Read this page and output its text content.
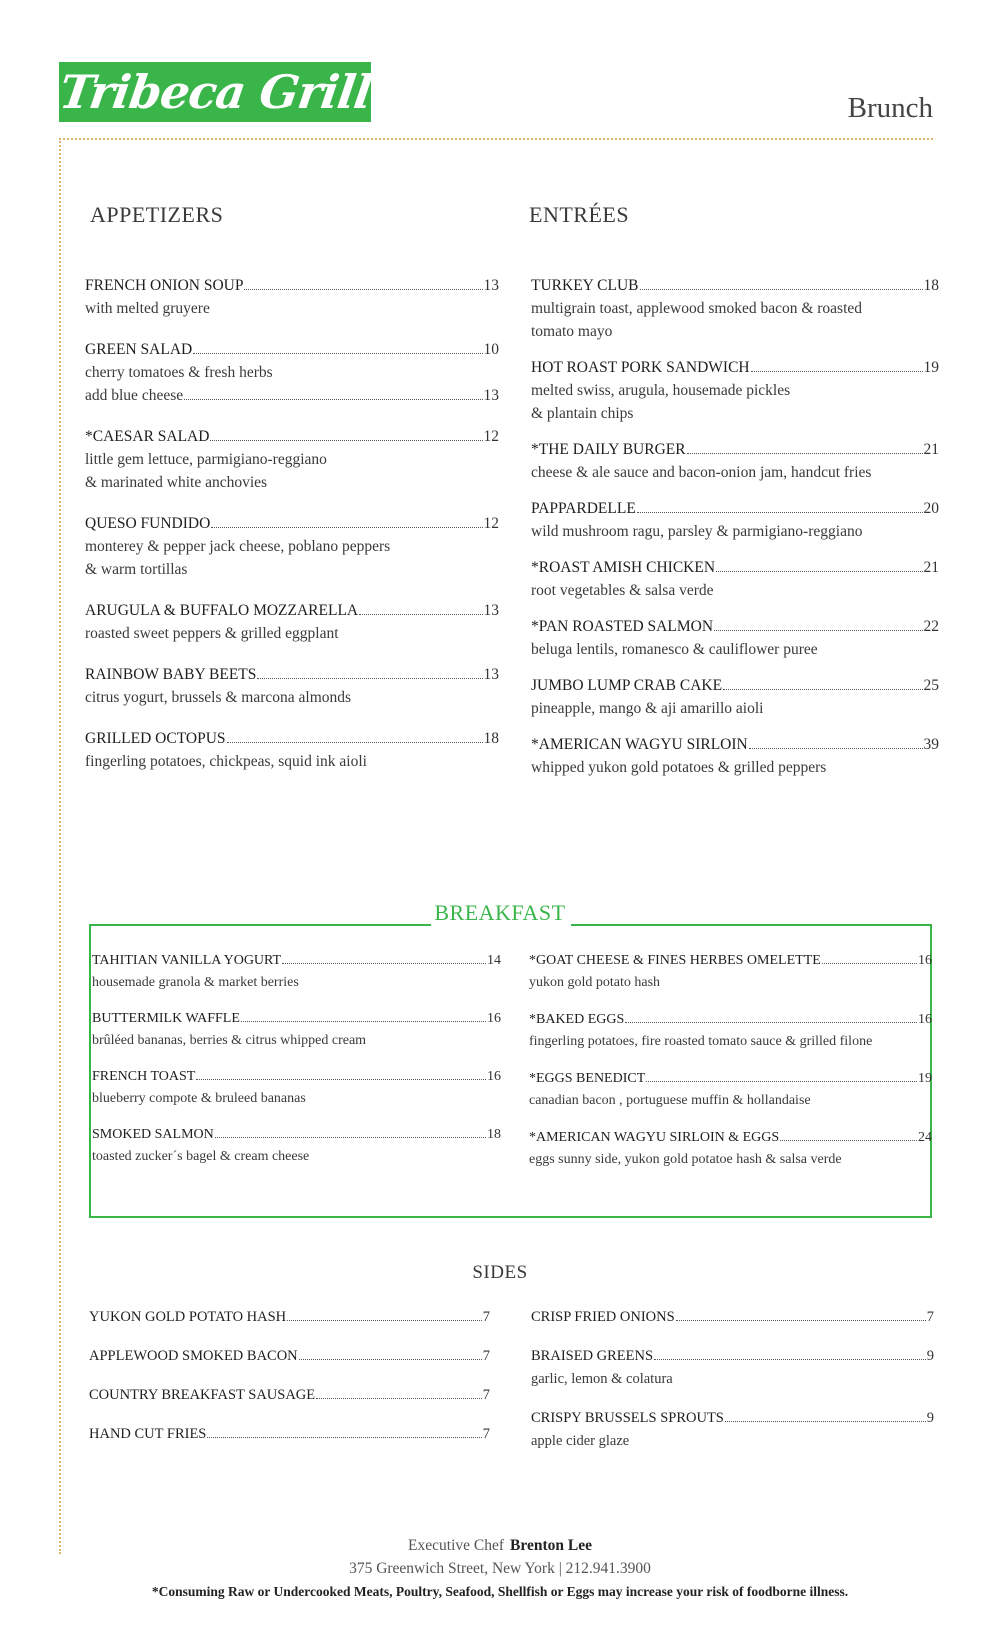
Tribeca Grill	Brunch
APPETIZERS
FRENCH ONION SOUP	13
with melted gruyere
GREEN SALAD	10
cherry tomatoes & fresh herbs
add blue cheese	13
*CAESAR SALAD	12
little gem lettuce, parmigiano-reggiano
& marinated white anchovies
QUESO FUNDIDO	12
monterey & pepper jack cheese, poblano peppers
& warm tortillas
ARUGULA & BUFFALO MOZZARELLA	13
roasted sweet peppers & grilled eggplant
RAINBOW BABY BEETS	13
citrus yogurt, brussels & marcona almonds
GRILLED OCTOPUS	18
fingerling potatoes, chickpeas, squid ink aioli
ENTRÉES
TURKEY CLUB	18
multigrain toast, applewood smoked bacon & roasted
tomato mayo
HOT ROAST PORK SANDWICH	19
melted swiss, arugula, housemade pickles
& plantain chips
*THE DAILY BURGER	21
cheese & ale sauce and bacon-onion jam, handcut fries
PAPPARDELLE	20
wild mushroom ragu, parsley & parmigiano-reggiano
*ROAST AMISH CHICKEN	21
root vegetables & salsa verde
*PAN ROASTED SALMON	22
beluga lentils, romanesco & cauliflower puree
JUMBO LUMP CRAB CAKE	25
pineapple, mango & aji amarillo aioli
*AMERICAN WAGYU SIRLOIN	39
whipped yukon gold potatoes & grilled peppers
BREAKFAST
TAHITIAN VANILLA YOGURT	14
housemade granola & market berries
BUTTERMILK WAFFLE	16
brûléed bananas, berries & citrus whipped cream
FRENCH TOAST	16
blueberry compote & bruleed bananas
SMOKED SALMON	18
toasted zucker´s bagel & cream cheese
*GOAT CHEESE & FINES HERBES OMELETTE	16
yukon gold potato hash
*BAKED EGGS	16
fingerling potatoes, fire roasted tomato sauce & grilled filone
*EGGS BENEDICT	19
canadian bacon , portuguese muffin & hollandaise
*AMERICAN WAGYU SIRLOIN & EGGS	24
eggs sunny side, yukon gold potatoe hash & salsa verde
SIDES
YUKON GOLD POTATO HASH	7
APPLEWOOD SMOKED BACON	7
COUNTRY BREAKFAST SAUSAGE	7
HAND CUT FRIES	7
CRISP FRIED ONIONS	7
BRAISED GREENS	9
garlic, lemon & colatura
CRISPY BRUSSELS SPROUTS	9
apple cider glaze
Executive Chef Brenton Lee
375 Greenwich Street, New York | 212.941.3900
*Consuming Raw or Undercooked Meats, Poultry, Seafood, Shellfish or Eggs may increase your risk of foodborne illness.
